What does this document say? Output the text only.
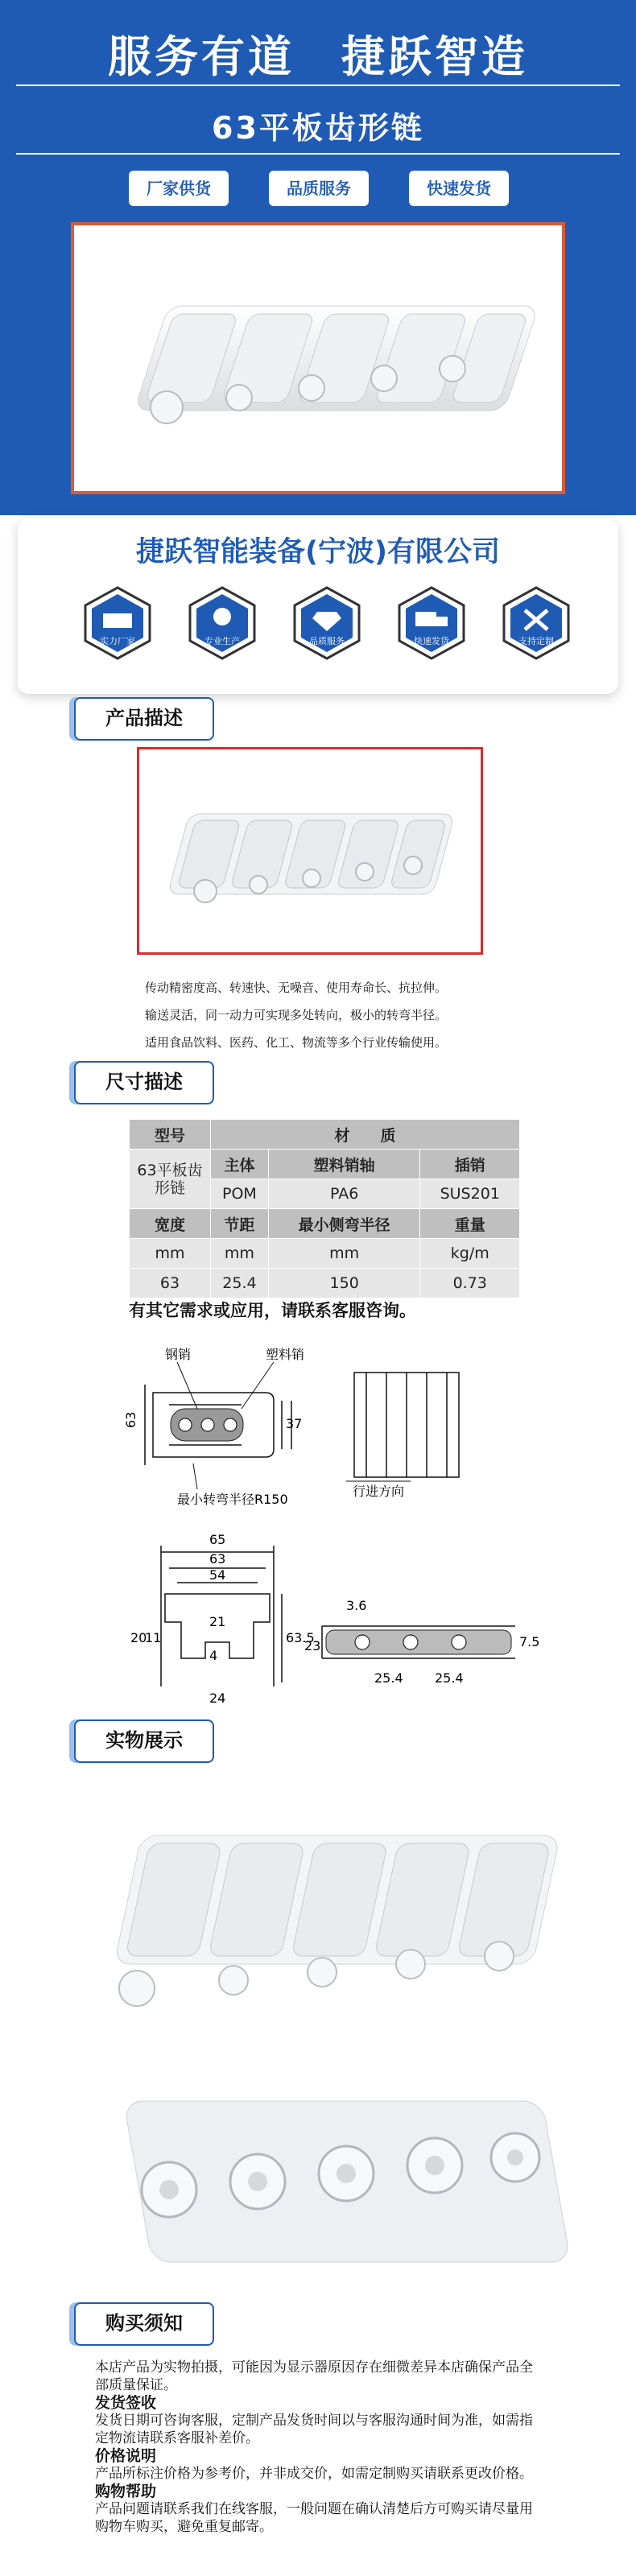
服务有道　捷跃智造
63平板齿形链
厂家供货	品质服务	快速发货
捷跃智能装备(宁波)有限公司
实力厂家	专业生产	品质服务	快速发货	支持定制
产品描述
传动精密度高、转速快、无噪音、使用寿命长、抗拉伸。
输送灵活，同一动力可实现多处转向，极小的转弯半径。
适用食品饮料、医药、化工、物流等多个行业传输使用。
尺寸描述
型号	材　　质		
63平板齿形链	主体	塑料销轴	插销
	POM	PA6	SUS201
宽度	节距	最小侧弯半径	重量
mm	mm	mm	kg/m
63	25.4	150	0.73
有其它需求或应用，请联系客服咨询。
63	37
钢销	塑料销
最小转弯半径R150
行进方向
65
63
54
20
11
21
4
63.5
24
3.6
23	7.5
25.4 25.4
实物展示
购买须知
本店产品为实物拍摄，可能因为显示器原因存在细微差异本店确保产品全部质量保证。
发货签收
发货日期可咨询客服，定制产品发货时间以与客服沟通时间为准，如需指定物流请联系客服补差价。
价格说明
产品所标注价格为参考价，并非成交价，如需定制购买请联系更改价格。
购物帮助
产品问题请联系我们在线客服，一般问题在确认清楚后方可购买请尽量用购物车购买，避免重复邮寄。
